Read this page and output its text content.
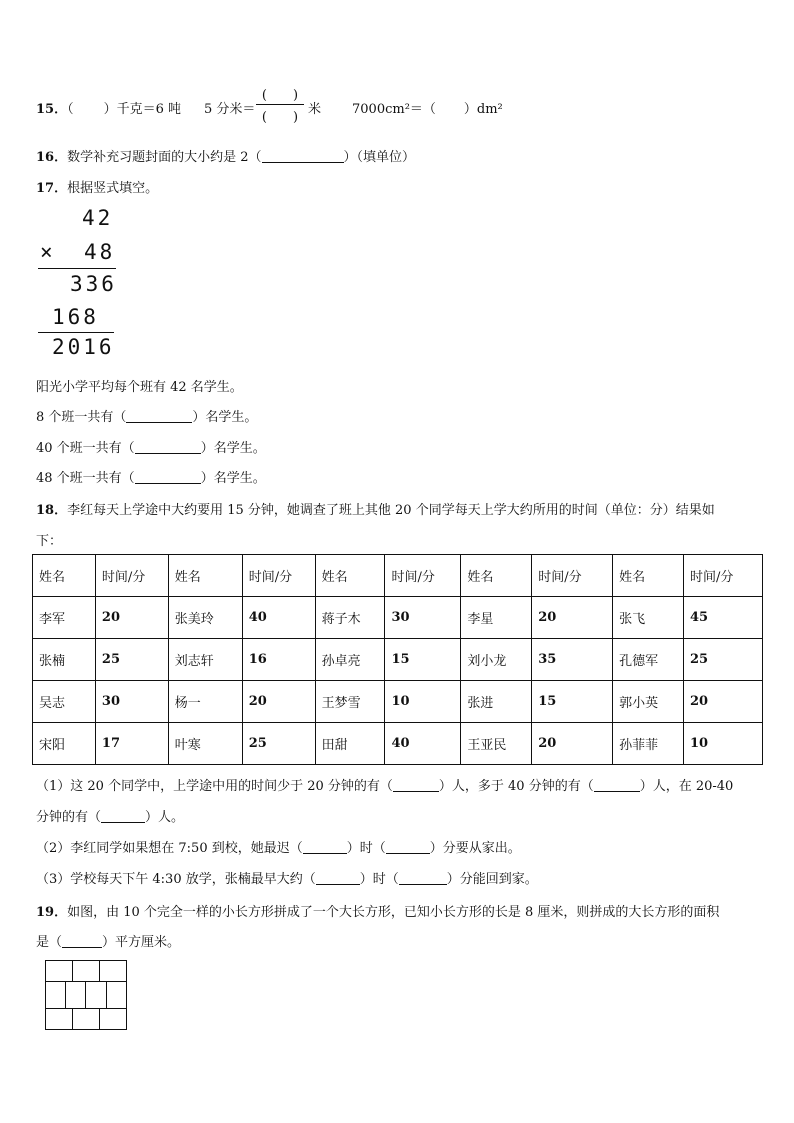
15．（ ）千克＝6 吨 5 分米＝
(　　)
(　　)
米 7000cm²＝（ ）dm²
16．数学补充习题封面的大小约是 2（	）（填单位）
17．根据竖式填空。
42
× 48
336
168
2016
阳光小学平均每个班有 42 名学生。
8 个班一共有（	）名学生。
40 个班一共有（	）名学生。
48 个班一共有（	）名学生。
18．李红每天上学途中大约要用 15 分钟，她调查了班上其他 20 个同学每天上学大约所用的时间（单位：分）结果如
下：
姓名	时间/分	姓名	时间/分	姓名	时间/分	姓名	时间/分	姓名	时间/分
李军	20	张美玲	40	蒋子木	30	李星	20	张飞	45
张楠	25	刘志轩	16	孙卓亮	15	刘小龙	35	孔德军	25
吴志	30	杨一	20	王梦雪	10	张进	15	郭小英	20
宋阳	17	叶寒	25	田甜	40	王亚民	20	孙菲菲	10
（1）这 20 个同学中，上学途中用的时间少于 20 分钟的有（	）人，多于 40 分钟的有（	）人，在 20-40
分钟的有（	）人。
（2）李红同学如果想在 7:50 到校，她最迟（	）时（	）分要从家出。
（3）学校每天下午 4:30 放学，张楠最早大约（	）时（	）分能回到家。
19．如图，由 10 个完全一样的小长方形拼成了一个大长方形，已知小长方形的长是 8 厘米，则拼成的大长方形的面积
是（	）平方厘米。
